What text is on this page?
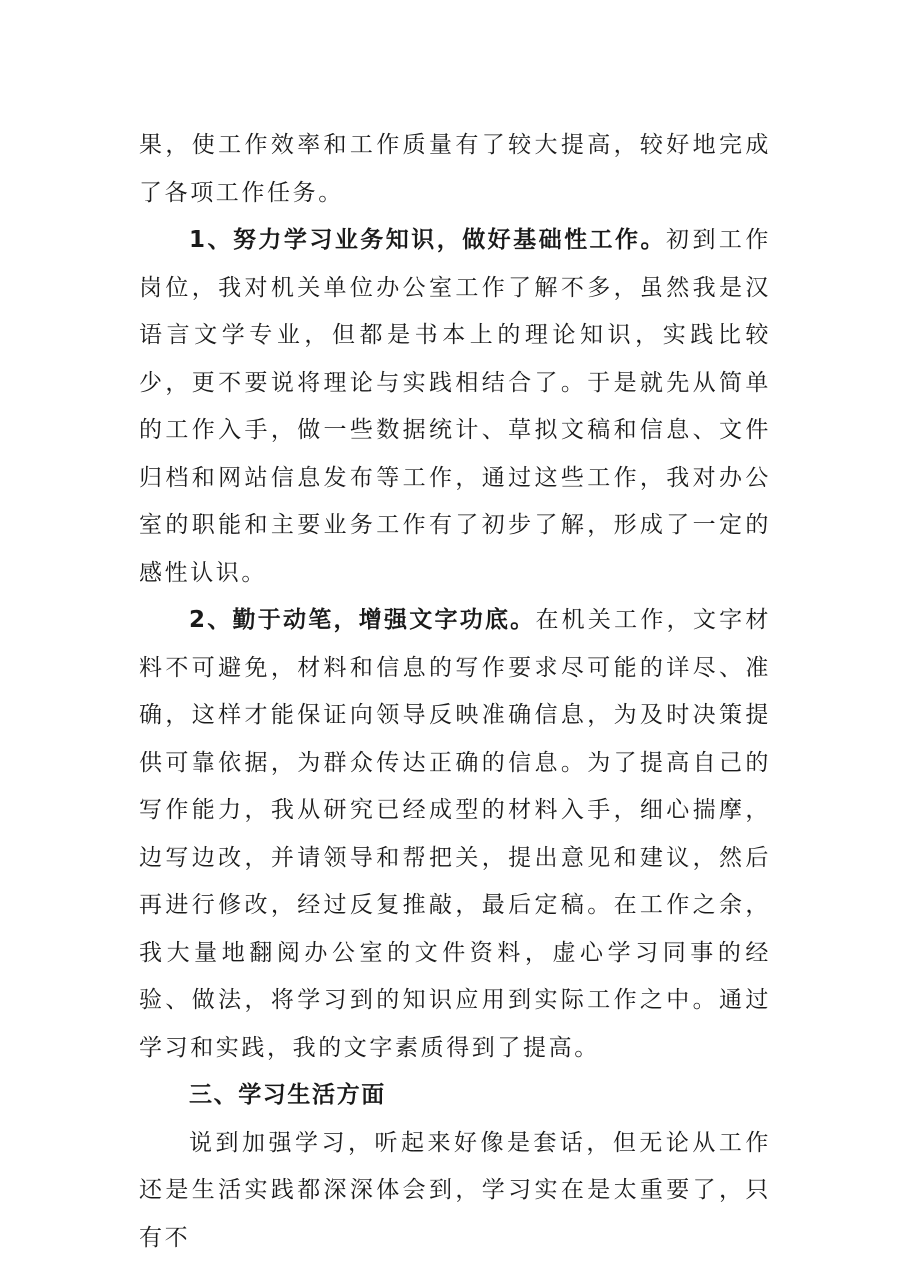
果，使工作效率和工作质量有了较大提高，较好地完成了各项工作任务。

1、努力学习业务知识，做好基础性工作。初到工作岗位，我对机关单位办公室工作了解不多，虽然我是汉语言文学专业，但都是书本上的理论知识，实践比较少，更不要说将理论与实践相结合了。于是就先从简单的工作入手，做一些数据统计、草拟文稿和信息、文件归档和网站信息发布等工作，通过这些工作，我对办公室的职能和主要业务工作有了初步了解，形成了一定的感性认识。

2、勤于动笔，增强文字功底。在机关工作，文字材料不可避免，材料和信息的写作要求尽可能的详尽、准确，这样才能保证向领导反映准确信息，为及时决策提供可靠依据，为群众传达正确的信息。为了提高自己的写作能力，我从研究已经成型的材料入手，细心揣摩，边写边改，并请领导和帮把关，提出意见和建议，然后再进行修改，经过反复推敲，最后定稿。在工作之余，我大量地翻阅办公室的文件资料，虚心学习同事的经验、做法，将学习到的知识应用到实际工作之中。通过学习和实践，我的文字素质得到了提高。

三、学习生活方面

说到加强学习，听起来好像是套话，但无论从工作还是生活实践都深深体会到，学习实在是太重要了，只有不
